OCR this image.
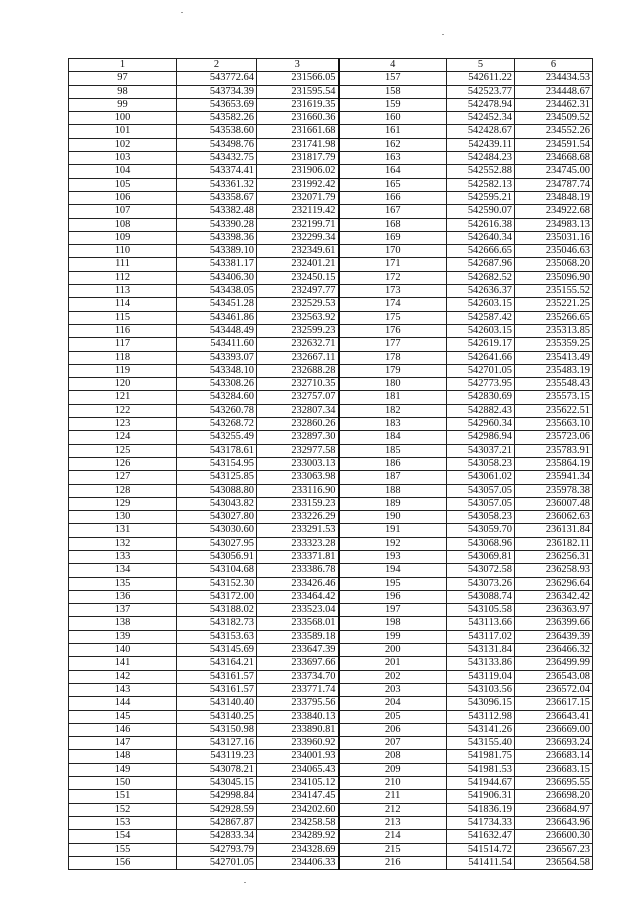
1	2	3	4	5	6
97	543772.64	231566.05	157	542611.22	234434.53
98	543734.39	231595.54	158	542523.77	234448.67
99	543653.69	231619.35	159	542478.94	234462.31
100	543582.26	231660.36	160	542452.34	234509.52
101	543538.60	231661.68	161	542428.67	234552.26
102	543498.76	231741.98	162	542439.11	234591.54
103	543432.75	231817.79	163	542484.23	234668.68
104	543374.41	231906.02	164	542552.88	234745.00
105	543361.32	231992.42	165	542582.13	234787.74
106	543358.67	232071.79	166	542595.21	234848.19
107	543382.48	232119.42	167	542590.07	234922.68
108	543390.28	232199.71	168	542616.38	234983.13
109	543398.36	232299.34	169	542640.34	235031.16
110	543389.10	232349.61	170	542666.65	235046.63
111	543381.17	232401.21	171	542687.96	235068.20
112	543406.30	232450.15	172	542682.52	235096.90
113	543438.05	232497.77	173	542636.37	235155.52
114	543451.28	232529.53	174	542603.15	235221.25
115	543461.86	232563.92	175	542587.42	235266.65
116	543448.49	232599.23	176	542603.15	235313.85
117	543411.60	232632.71	177	542619.17	235359.25
118	543393.07	232667.11	178	542641.66	235413.49
119	543348.10	232688.28	179	542701.05	235483.19
120	543308.26	232710.35	180	542773.95	235548.43
121	543284.60	232757.07	181	542830.69	235573.15
122	543260.78	232807.34	182	542882.43	235622.51
123	543268.72	232860.26	183	542960.34	235663.10
124	543255.49	232897.30	184	542986.94	235723.06
125	543178.61	232977.58	185	543037.21	235783.91
126	543154.95	233003.13	186	543058.23	235864.19
127	543125.85	233063.98	187	543061.02	235941.34
128	543088.80	233116.90	188	543057.05	235978.38
129	543043.82	233159.23	189	543057.05	236007.48
130	543027.80	233226.29	190	543058.23	236062.63
131	543030.60	233291.53	191	543059.70	236131.84
132	543027.95	233323.28	192	543068.96	236182.11
133	543056.91	233371.81	193	543069.81	236256.31
134	543104.68	233386.78	194	543072.58	236258.93
135	543152.30	233426.46	195	543073.26	236296.64
136	543172.00	233464.42	196	543088.74	236342.42
137	543188.02	233523.04	197	543105.58	236363.97
138	543182.73	233568.01	198	543113.66	236399.66
139	543153.63	233589.18	199	543117.02	236439.39
140	543145.69	233647.39	200	543131.84	236466.32
141	543164.21	233697.66	201	543133.86	236499.99
142	543161.57	233734.70	202	543119.04	236543.08
143	543161.57	233771.74	203	543103.56	236572.04
144	543140.40	233795.56	204	543096.15	236617.15
145	543140.25	233840.13	205	543112.98	236643.41
146	543150.98	233890.81	206	543141.26	236669.00
147	543127.16	233960.92	207	543155.40	236693.24
148	543119.23	234001.93	208	541981.75	236683.14
149	543078.21	234065.43	209	541981.53	236683.15
150	543045.15	234105.12	210	541944.67	236695.55
151	542998.84	234147.45	211	541906.31	236698.20
152	542928.59	234202.60	212	541836.19	236684.97
153	542867.87	234258.58	213	541734.33	236643.96
154	542833.34	234289.92	214	541632.47	236600.30
155	542793.79	234328.69	215	541514.72	236567.23
156	542701.05	234406.33	216	541411.54	236564.58
